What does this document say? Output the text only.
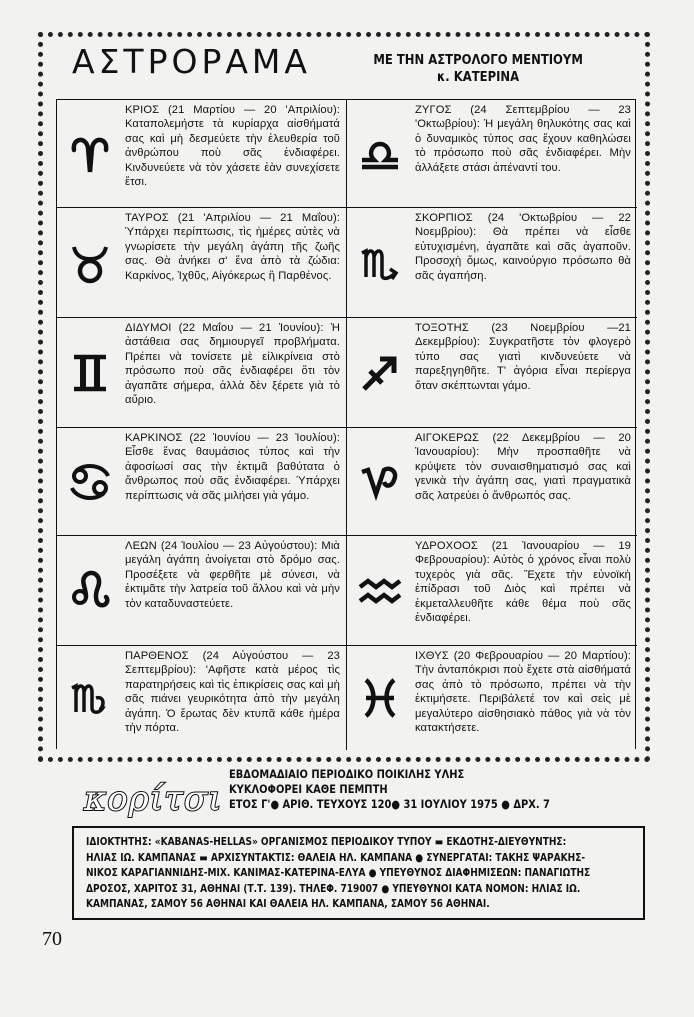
ΑΣΤΡΟΡΑΜΑ	ΜΕ ΤΗΝ ΑΣΤΡΟΛΟΓΟ ΜΕΝΤΙΟΥΜ
κ. ΚΑΤΕΡΙΝΑ
ΚΡΙΟΣ (21 Μαρτίου — 20 'Απριλίου): Καταπολεμήστε τὰ κυρίαρχα αἰσθήματά σας καὶ μὴ δεσμεύετε τὴν ἐλευθερία τοῦ ἀνθρώπου ποὺ σᾶς ἐνδιαφέρει. Κινδυνεύετε νὰ τὸν χάσετε ἐὰν συνεχίσετε ἔτσι.
ΤΑΥΡΟΣ (21 'Απριλίου — 21 Μαΐου): Ὑπάρχει περίπτωσις, τὶς ἡμέρες αὐτὲς νὰ γνωρίσετε τὴν μεγάλη ἀγάπη τῆς ζωῆς σας. Θὰ ἀνήκει σ' ἕνα ἀπὸ τὰ ζώδια: Καρκίνος, Ἰχθῦς, Αἰγόκερως ἢ Παρθένος.
ΔΙΔΥΜΟΙ (22 Μαΐου — 21 Ἰουνίου): Ἡ ἀστάθεια σας δημιουργεῖ προβλήματα. Πρέπει νὰ τονίσετε μὲ εἰλικρίνεια στὸ πρόσωπο ποὺ σᾶς ἐνδιαφέρει ὅτι τὸν ἀγαπᾶτε σήμερα, ἀλλὰ δὲν ξέρετε γιὰ τὸ αὔριο.
ΚΑΡΚΙΝΟΣ (22 Ἰουνίου — 23 Ἰουλίου): Εἶσθε ἕνας θαυμάσιος τύπος καὶ τὴν ἀφοσίωσί σας τὴν ἐκτιμᾶ βαθύτατα ὁ ἄνθρωπος ποὺ σᾶς ἐνδιαφέρει. Ὑπάρχει περίπτωσις νὰ σᾶς μιλήσει γιὰ γάμο.
ΛΕΩΝ (24 Ἰουλίου — 23 Αὐγούστου): Μιὰ μεγάλη ἀγάπη ἀνοίγεται στὸ δρόμο σας. Προσέξετε νὰ φερθῆτε μὲ σύνεσι, νὰ ἐκτιμᾶτε τὴν λατρεία τοῦ ἄλλου καὶ νὰ μὴν τὸν καταδυναστεύετε.
ΠΑΡΘΕΝΟΣ (24 Αὐγούστου — 23 Σεπτεμβρίου): 'Αφῆστε κατὰ μέρος τὶς παρατηρήσεις καὶ τὶς ἐπικρίσεις σας καὶ μὴ σᾶς πιάνει γευρικότητα ἀπὸ τὴν μεγάλη ἀγάπη. Ὁ ἔρωτας δὲν κτυπᾶ κάθε ἡμέρα τὴν πόρτα.
ΖΥΓΟΣ (24 Σεπτεμβρίου — 23 'Οκτωβρίου): Ἡ μεγάλη θηλυκότης σας καὶ ὁ δυναμικὸς τύπος σας ἔχουν καθηλώσει τὸ πρόσωπο ποὺ σᾶς ἐνδιαφέρει. Μὴν ἀλλάξετε στάσι ἀπέναντί του.
ΣΚΟΡΠΙΟΣ (24 'Οκτωβρίου — 22 Νοεμβρίου): Θὰ πρέπει νὰ εἶσθε εὐτυχισμένη, ἀγαπᾶτε καὶ σᾶς ἀγαποῦν. Προσοχὴ ὅμως, καινούργιο πρόσωπο θὰ σᾶς ἀγαπήση.
ΤΟΞΟΤΗΣ (23 Νοεμβρίου —21 Δεκεμβρίου): Συγκρατῆστε τὸν φλογερὸ τύπο σας γιατὶ κινδυνεύετε νὰ παρεξηγηθῆτε. Τ' ἀγόρια εἶναι περίεργα ὅταν σκέπτωνται γάμο.
ΑΙΓΟΚΕΡΩΣ (22 Δεκεμβρίου — 20 Ἰανουαρίου): Μὴν προσπαθῆτε νὰ κρύψετε τὸν συναισθηματισμό σας καὶ γενικὰ τὴν ἀγάπη σας, γιατὶ πραγματικὰ σᾶς λατρεύει ὁ ἄνθρωπός σας.
ΥΔΡΟΧΟΟΣ (21 Ἰανουαρίου — 19 Φεβρουαρίου): Αὐτὸς ὁ χρόνος εἶναι πολὺ τυχερὸς γιὰ σᾶς. Ἔχετε τὴν εὐνοϊκὴ ἐπίδρασι τοῦ Διὸς καὶ πρέπει νὰ ἐκμεταλλευθῆτε κάθε θέμα ποὺ σᾶς ἐνδιαφέρει.
ΙΧΘΥΣ (20 Φεβρουαρίου — 20 Μαρτίου): Τὴν ἀνταπόκρισι ποὺ ἔχετε στὰ αἰσθήματά σας ἀπὸ τὸ πρόσωπο, πρέπει νὰ τὴν ἐκτιμήσετε. Περιβάλετέ τον καὶ σεὶς μὲ μεγαλύτερο αἰσθησιακὸ πάθος γιὰ νὰ τὸν κατακτήσετε.
κορίτσι
ΕΒΔΟΜΑΔΙΑΙΟ ΠΕΡΙΟΔΙΚΟ ΠΟΙΚΙΛΗΣ ΥΛΗΣ
ΚΥΚΛΟΦΟΡΕΙ ΚΑΘΕ ΠΕΜΠΤΗ
ΕΤΟΣ Γ'● ΑΡΙΘ. ΤΕΥΧΟΥΣ 120● 31 ΙΟΥΛΙΟΥ 1975 ● ΔΡΧ. 7

ΙΔΙΟΚΤΗΤΗΣ: «KABANAS-HELLAS» ΟΡΓΑΝΙΣΜΟΣ ΠΕΡΙΟΔΙΚΟΥ ΤΥΠΟΥ ▬ ΕΚΔΟΤΗΣ-ΔΙΕΥΘΥΝΤΗΣ:

ΗΛΙΑΣ ΙΩ. ΚΑΜΠΑΝΑΣ ▬ ΑΡΧΙΣΥΝΤΑΚΤΙΣ: ΘΑΛΕΙΑ ΗΛ. ΚΑΜΠΑΝΑ ● ΣΥΝΕΡΓΑΤΑΙ: ΤΑΚΗΣ ΨΑΡΑΚΗΣ-

ΝΙΚΟΣ ΚΑΡΑΓΙΑΝΝΙΔΗΣ-ΜΙΧ. ΚΑΝΙΜΑΣ-ΚΑΤΕΡΙΝΑ-ΕΛΥΑ ● ΥΠΕΥΘΥΝΟΣ ΔΙΑΦΗΜΙΣΕΩΝ: ΠΑΝΑΓΙΩΤΗΣ

ΔΡΟΣΟΣ, ΧΑΡΙΤΟΣ 31, ΑΘΗΝΑΙ (Τ.Τ. 139). ΤΗΛΕΦ. 719007 ● ΥΠΕΥΘΥΝΟΙ ΚΑΤΑ ΝΟΜΟΝ: ΗΛΙΑΣ ΙΩ.

ΚΑΜΠΑΝΑΣ, ΣΑΜΟΥ 56 ΑΘΗΝΑΙ ΚΑΙ ΘΑΛΕΙΑ ΗΛ. ΚΑΜΠΑΝΑ, ΣΑΜΟΥ 56 ΑΘΗΝΑΙ.

70
